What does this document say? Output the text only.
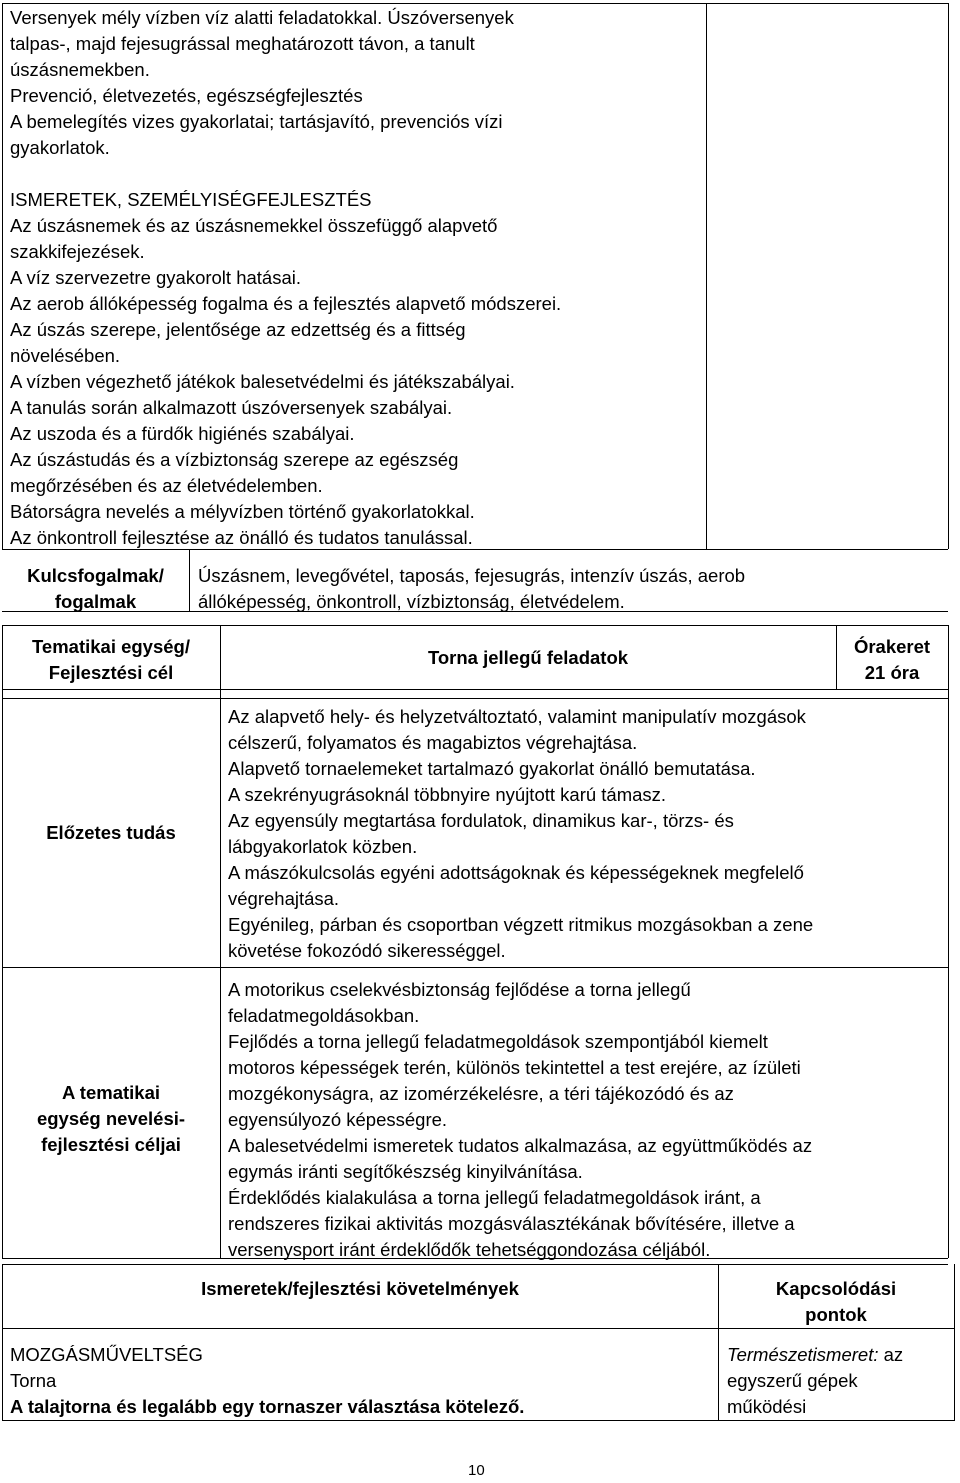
Versenyek mély vízben víz alatti feladatokkal. Úszóversenyek

talpas-, majd fejesugrással meghatározott távon, a tanult

úszásnemekben.

Prevenció, életvezetés, egészségfejlesztés

A bemelegítés vizes gyakorlatai; tartásjavító, prevenciós vízi

gyakorlatok.

ISMERETEK, SZEMÉLYISÉGFEJLESZTÉS

Az úszásnemek és az úszásnemekkel összefüggő alapvető

szakkifejezések.

A víz szervezetre gyakorolt hatásai.

Az aerob állóképesség fogalma és a fejlesztés alapvető módszerei.

Az úszás szerepe, jelentősége az edzettség és a fittség

növelésében.

A vízben végezhető játékok balesetvédelmi és játékszabályai.

A tanulás során alkalmazott úszóversenyek szabályai.

Az uszoda és a fürdők higiénés szabályai.

Az úszástudás és a vízbiztonság szerepe az egészség

megőrzésében és az életvédelemben.

Bátorságra nevelés a mélyvízben történő gyakorlatokkal.

Az önkontroll fejlesztése az önálló és tudatos tanulással.

Kulcsfogalmak/

fogalmak

Úszásnem, levegővétel, taposás, fejesugrás, intenzív úszás, aerob

állóképesség, önkontroll, vízbiztonság, életvédelem.

Tematikai egység/

Fejlesztési cél

Torna jellegű feladatok

Órakeret

21 óra

Előzetes tudás

Az alapvető hely- és helyzetváltoztató, valamint manipulatív mozgások

célszerű, folyamatos és magabiztos végrehajtása.

Alapvető tornaelemeket tartalmazó gyakorlat önálló bemutatása.

A szekrényugrásoknál többnyire nyújtott karú támasz.

Az egyensúly megtartása fordulatok, dinamikus kar-, törzs- és

lábgyakorlatok közben.

A mászókulcsolás egyéni adottságoknak és képességeknek megfelelő

végrehajtása.

Egyénileg, párban és csoportban végzett ritmikus mozgásokban a zene

követése fokozódó sikerességgel.

A tematikai

egység nevelési-

fejlesztési céljai

A motorikus cselekvésbiztonság fejlődése a torna jellegű

feladatmegoldásokban.

Fejlődés a torna jellegű feladatmegoldások szempontjából kiemelt

motoros képességek terén, különös tekintettel a test erejére, az ízületi

mozgékonyságra, az izomérzékelésre, a téri tájékozódó és az

egyensúlyozó képességre.

A balesetvédelmi ismeretek tudatos alkalmazása, az együttműködés az

egymás iránti segítőkészség kinyilvánítása.

Érdeklődés kialakulása a torna jellegű feladatmegoldások iránt, a

rendszeres fizikai aktivitás mozgásválasztékának bővítésére, illetve a

versenysport iránt érdeklődők tehetséggondozása céljából.

Ismeretek/fejlesztési követelmények	Kapcsolódási

pontok

MOZGÁSMŰVELTSÉG

Torna

A talajtorna és legalább egy tornaszer választása kötelező.

Természetismeret: az

egyszerű gépek

működési

10
